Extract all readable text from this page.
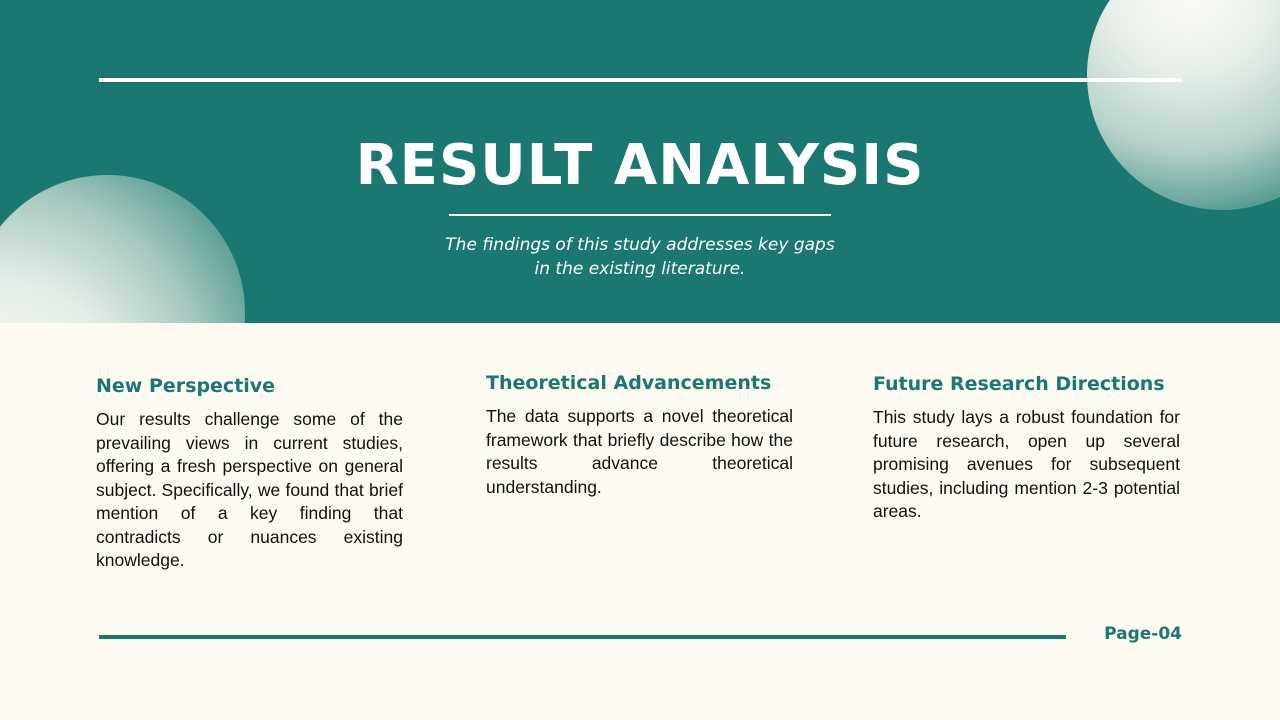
RESULT ANALYSIS

The findings of this study addresses key gaps in the existing literature.

New Perspective

Our results challenge some of the prevailing views in current studies, offering a fresh perspective on general subject. Specifically, we found that brief mention of a key finding that contradicts or nuances existing knowledge.

Theoretical Advancements

The data supports a novel theoretical framework that briefly describe how the results advance theoretical understanding.

Future Research Directions

This study lays a robust foundation for future research, open up several promising avenues for subsequent studies, including mention 2-3 potential areas.

Page-04
